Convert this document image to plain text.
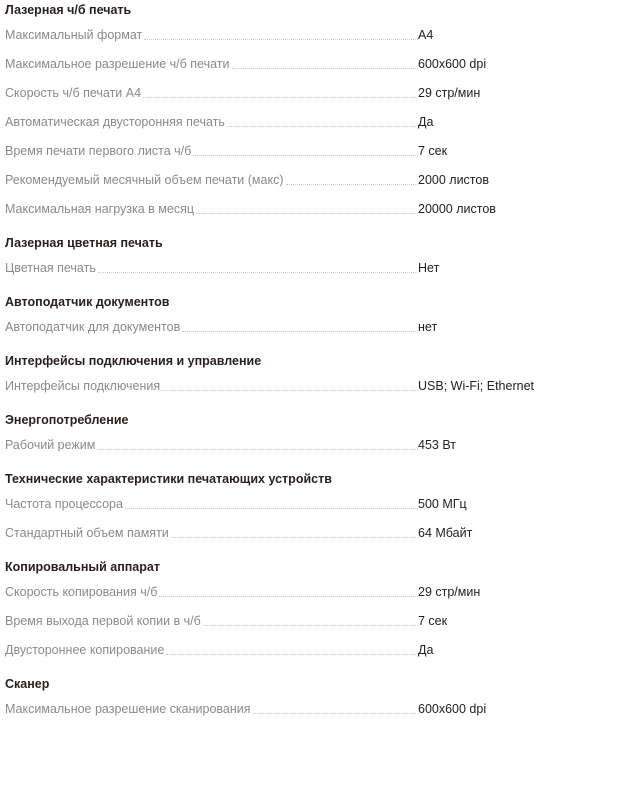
Лазерная ч/б печать
Максимальный формат	A4
Максимальное разрешение ч/б печати	600x600 dpi
Скорость ч/б печати А4	29 стр/мин
Автоматическая двусторонняя печать	Да
Время печати первого листа ч/б	7 сек
Рекомендуемый месячный объем печати (макс)	2000 листов
Максимальная нагрузка в месяц	20000 листов
Лазерная цветная печать
Цветная печать	Нет
Автоподатчик документов
Автоподатчик для документов	нет
Интерфейсы подключения и управление
Интерфейсы подключения	USB; Wi-Fi; Ethernet
Энергопотребление
Рабочий режим	453 Вт
Технические характеристики печатающих устройств
Частота процессора	500 МГц
Стандартный объем памяти	64 Мбайт
Копировальный аппарат
Скорость копирования ч/б	29 стр/мин
Время выхода первой копии в ч/б	7 сек
Двустороннее копирование	Да
Сканер
Максимальное разрешение сканирования	600x600 dpi
